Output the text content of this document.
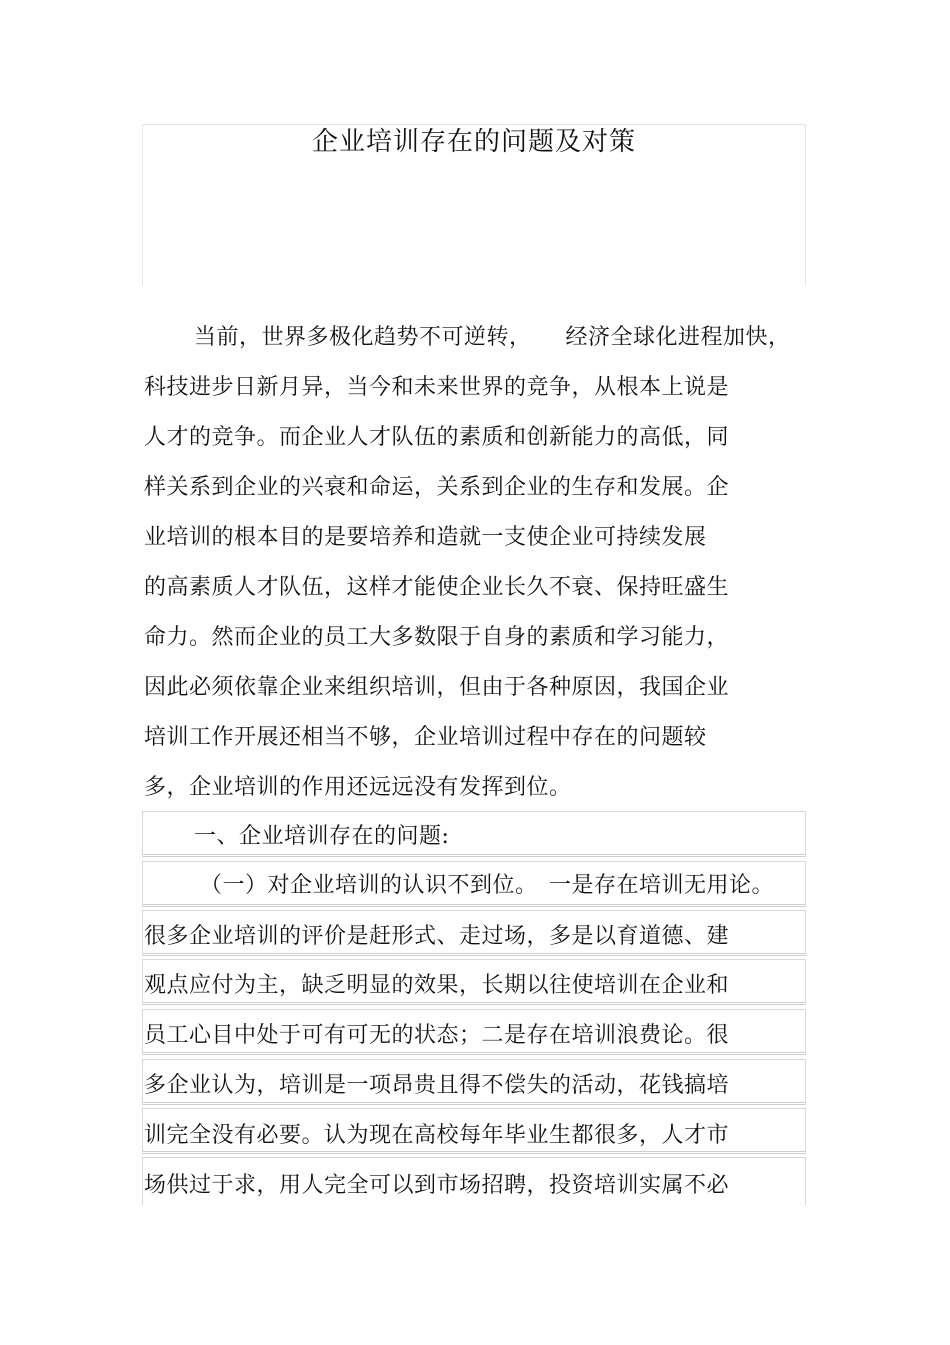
企业培训存在的问题及对策
当前，世界多极化趋势不可逆转，　　经济全球化进程加快，
科技进步日新月异，当今和未来世界的竞争，从根本上说是
人才的竞争。而企业人才队伍的素质和创新能力的高低，同
样关系到企业的兴衰和命运，关系到企业的生存和发展。企
业培训的根本目的是要培养和造就一支使企业可持续发展
的高素质人才队伍，这样才能使企业长久不衰、保持旺盛生
命力。然而企业的员工大多数限于自身的素质和学习能力，
因此必须依靠企业来组织培训，但由于各种原因，我国企业
培训工作开展还相当不够，企业培训过程中存在的问题较
多，企业培训的作用还远远没有发挥到位。
一、企业培训存在的问题:
（一）对企业培训的认识不到位。　一是存在培训无用论。
很多企业培训的评价是赶形式、走过场，多是以育道德、建
观点应付为主，缺乏明显的效果，长期以往使培训在企业和
员工心目中处于可有可无的状态；二是存在培训浪费论。很
多企业认为，培训是一项昂贵且得不偿失的活动，花钱搞培
训完全没有必要。认为现在高校每年毕业生都很多，人才市
场供过于求，用人完全可以到市场招聘，投资培训实属不必
